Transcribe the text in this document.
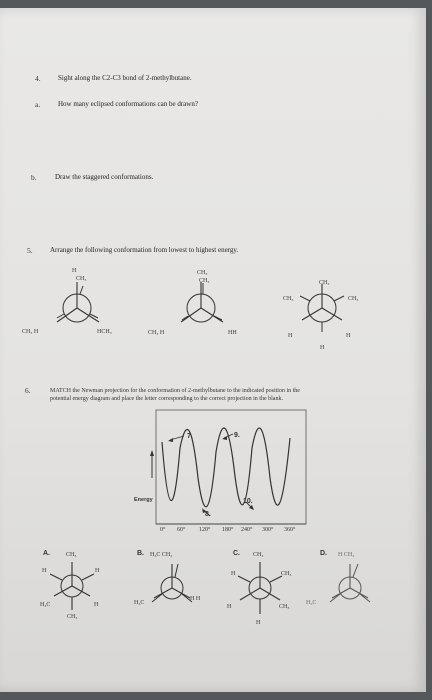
4. Sight along the C2-C3 bond of 2-methylbutane.
a.	How many eclipsed conformations can be drawn?
b.	Draw the staggered conformations.
5. Arrange the following conformation from lowest to highest energy.
H
CH₃
CH₃ H	HCH₃
CH₃
CH₃
CH₃ H	HH
CH₃
CH₃	CH₃
H	H
H
6.	MATCH the Newman projection for the conformation of 2-methylbutane to the indicated position in the
potential energy diagram and place the letter corresponding to the correct projection in the blank.
Energy
7.	9.
8.
10.
0° 60° 120° 180° 240° 300° 360°
A.	CH₃
H	H
H₃C	H
CH₃
B. H₃C CH₃
H₃C
H H
C. CH₃
H	CH₃
H	CH₃
H
D. H CH₃
H₃C
